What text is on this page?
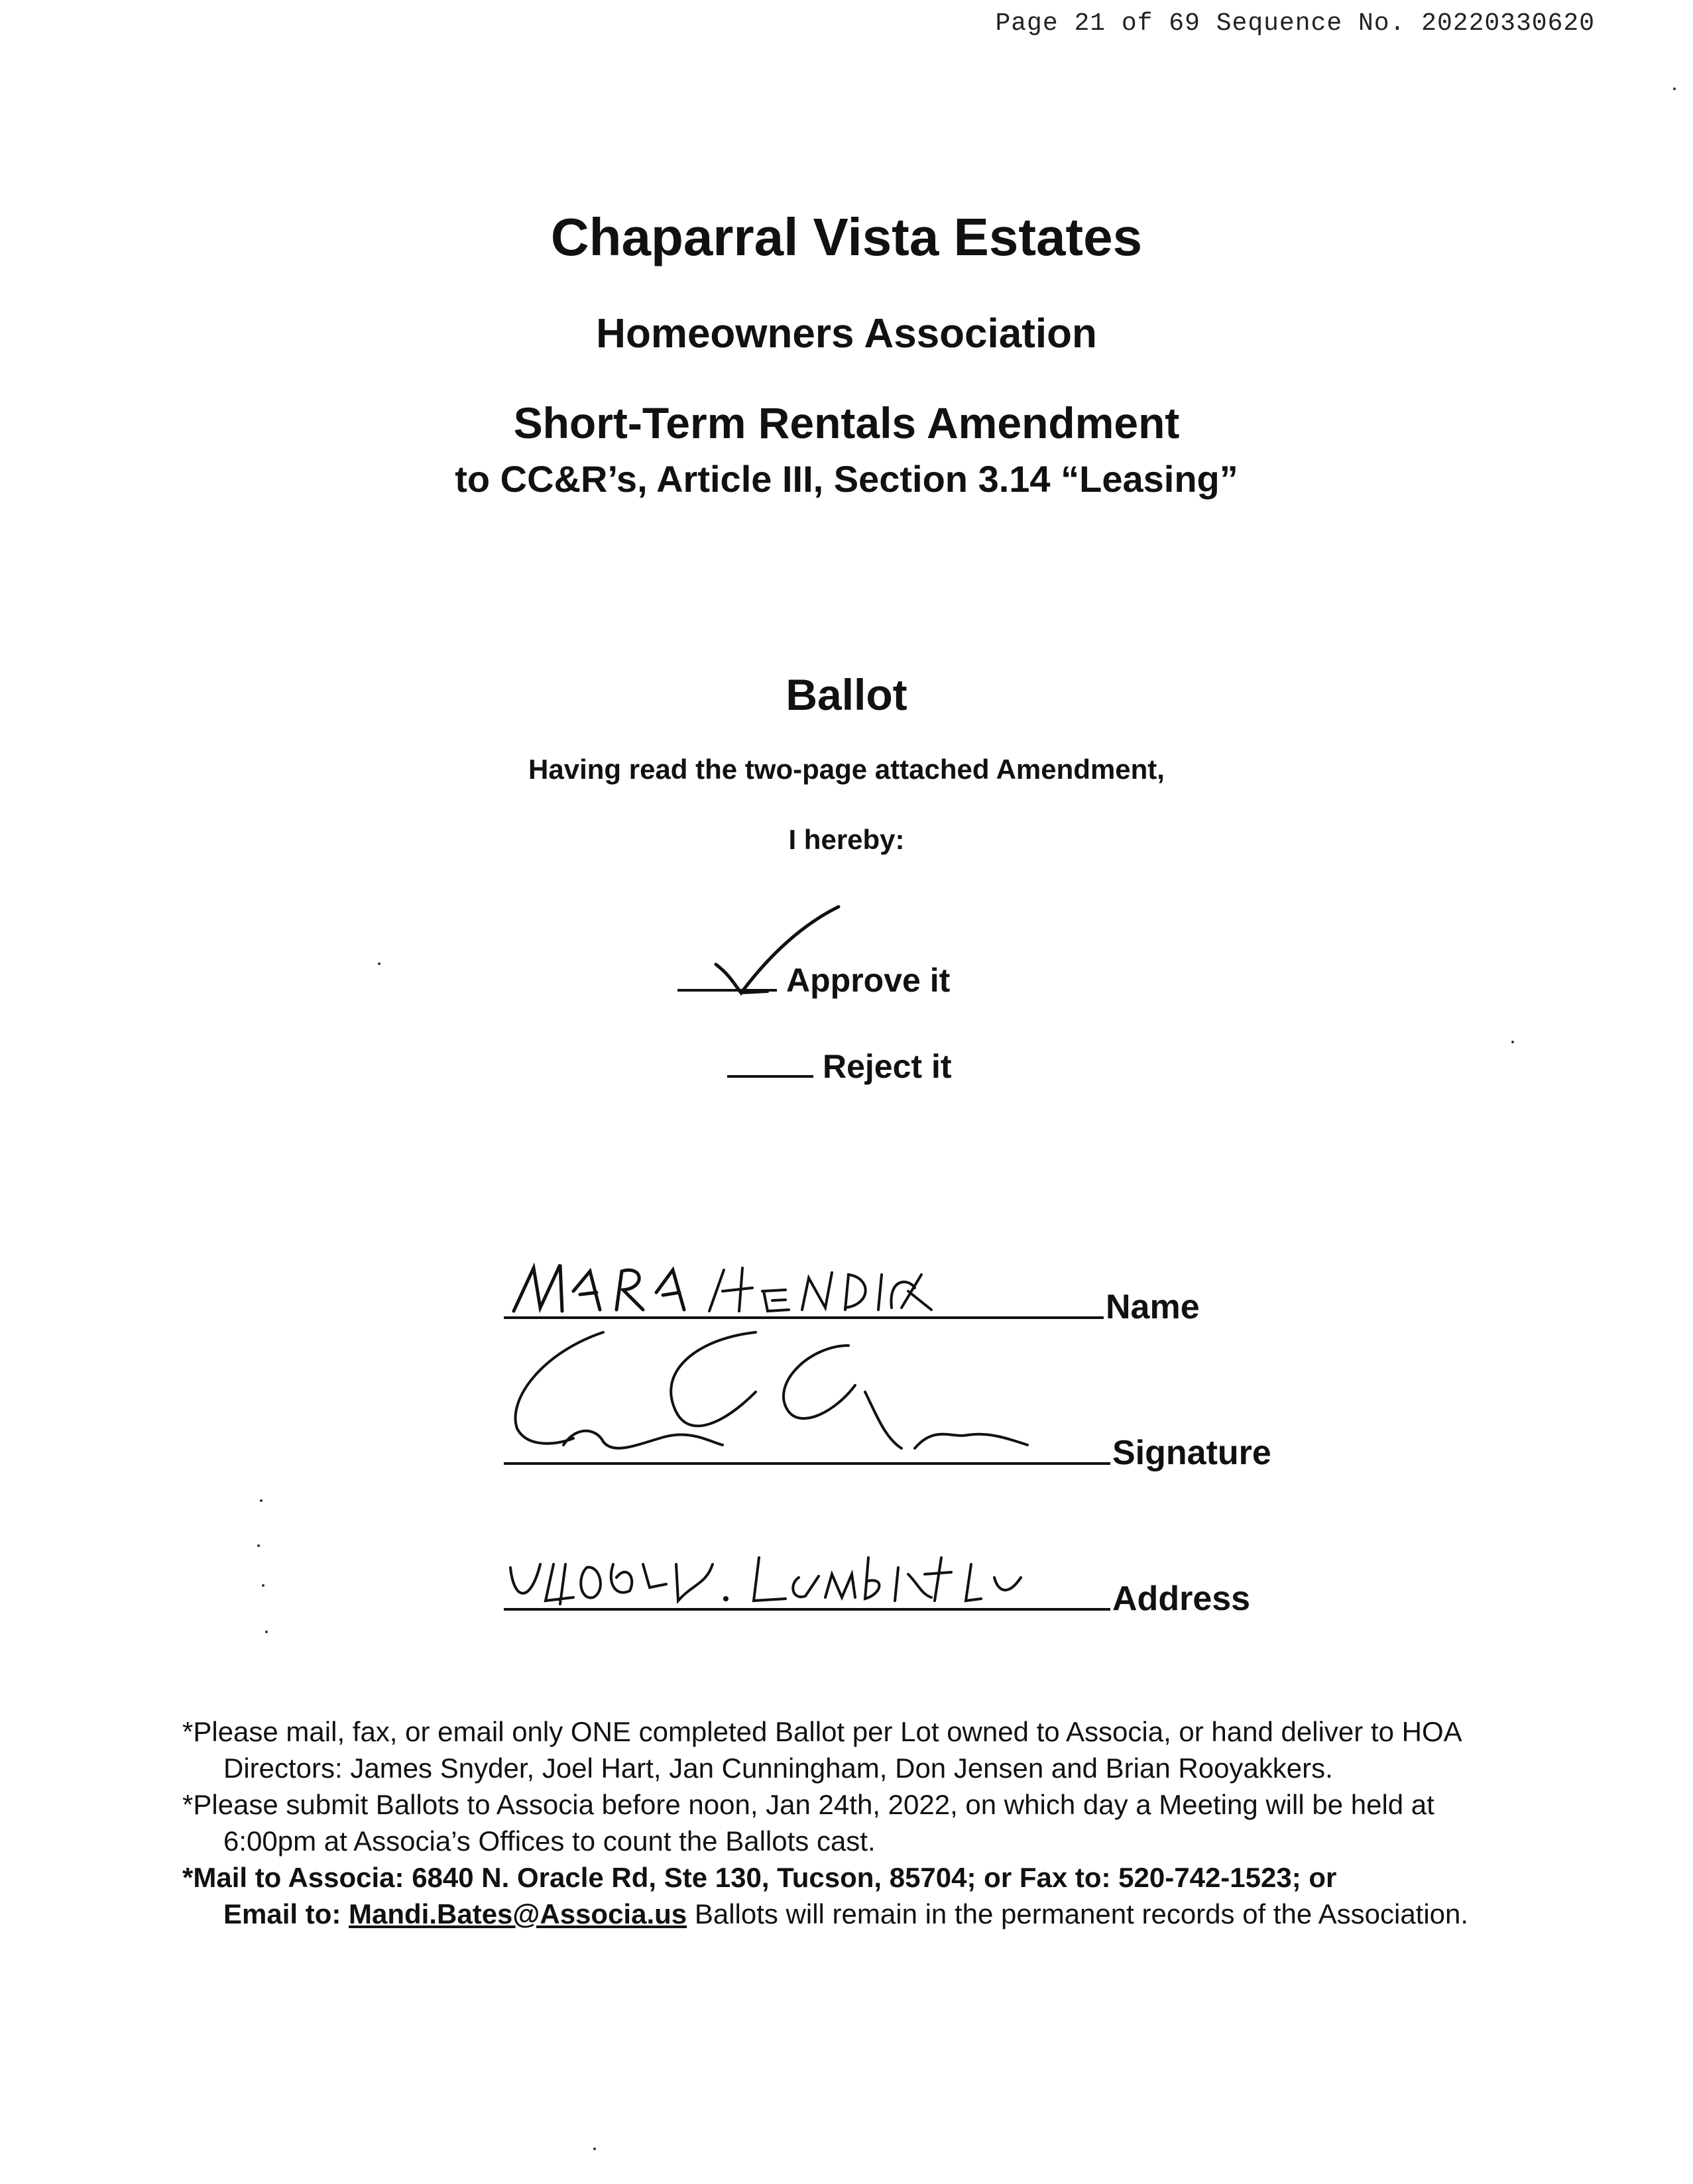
Page 21 of 69 Sequence No. 20220330620
Chaparral Vista Estates
Homeowners Association
Short-Term Rentals Amendment
to CC&R’s, Article III, Section 3.14 “Leasing”
Ballot
Having read the two-page attached Amendment,
I hereby:
Approve it
Reject it
Name
Signature
Address

*Please mail, fax, or email only ONE completed Ballot per Lot owned to Associa, or hand deliver to HOA

Directors: James Snyder, Joel Hart, Jan Cunningham, Don Jensen and Brian Rooyakkers.

*Please submit Ballots to Associa before noon, Jan 24th, 2022, on which day a Meeting will be held at

6:00pm at Associa’s Offices to count the Ballots cast.

*Mail to Associa: 6840 N. Oracle Rd, Ste 130, Tucson, 85704; or Fax to: 520-742-1523; or

Email to: Mandi.Bates@Associa.us Ballots will remain in the permanent records of the Association.
